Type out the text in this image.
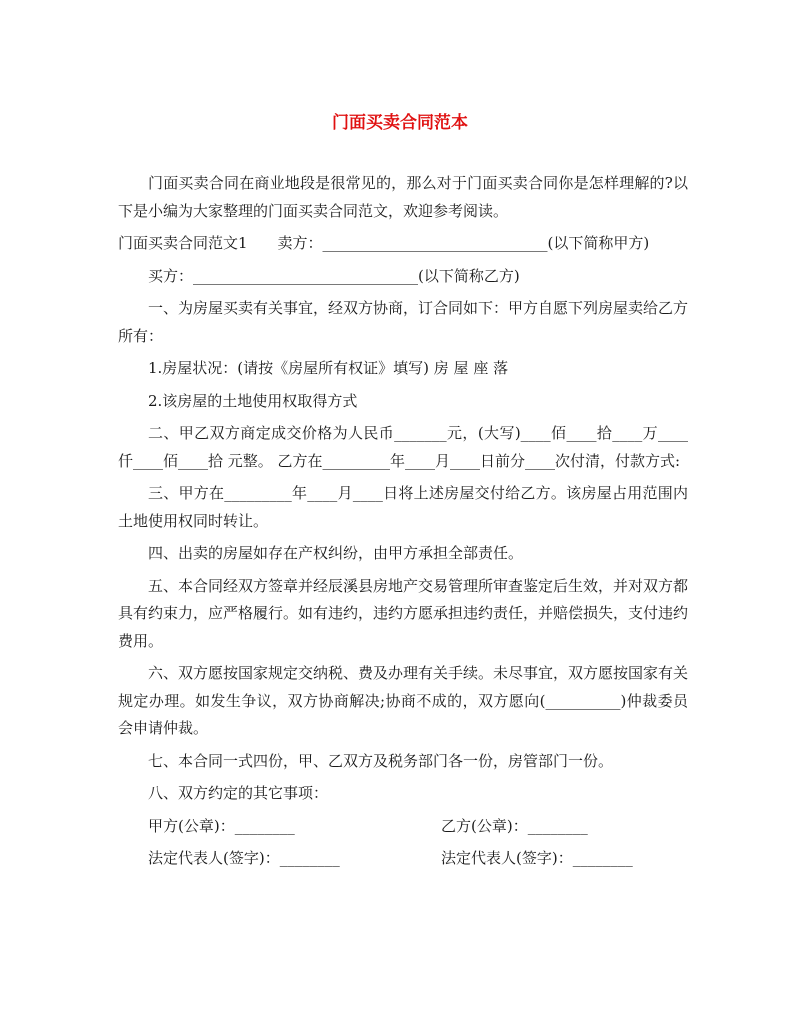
门面买卖合同范本

门面买卖合同在商业地段是很常见的，那么对于门面买卖合同你是怎样理解的?以下是小编为大家整理的门面买卖合同范文，欢迎参考阅读。

门面买卖合同范文1　　卖方：______________________________(以下简称甲方)

买方：______________________________(以下简称乙方)

一、为房屋买卖有关事宜，经双方协商，订合同如下：甲方自愿下列房屋卖给乙方所有：

1.房屋状况：(请按《房屋所有权证》填写) 房 屋 座 落

2.该房屋的土地使用权取得方式

二、甲乙双方商定成交价格为人民币_______元，(大写)____佰____拾____万____仟____佰____拾 元整。 乙方在_________年____月____日前分____次付清，付款方式:

三、甲方在_________年____月____日将上述房屋交付给乙方。该房屋占用范围内土地使用权同时转让。

四、出卖的房屋如存在产权纠纷，由甲方承担全部责任。

五、本合同经双方签章并经辰溪县房地产交易管理所审查鉴定后生效，并对双方都具有约束力，应严格履行。如有违约，违约方愿承担违约责任，并赔偿损失，支付违约费用。

六、双方愿按国家规定交纳税、费及办理有关手续。未尽事宜，双方愿按国家有关规定办理。如发生争议，双方协商解决;协商不成的，双方愿向(__________)仲裁委员会申请仲裁。

七、本合同一式四份，甲、乙双方及税务部门各一份，房管部门一份。

八、双方约定的其它事项：

甲方(公章)：________	乙方(公章)：________
法定代表人(签字)：________	法定代表人(签字)：________
